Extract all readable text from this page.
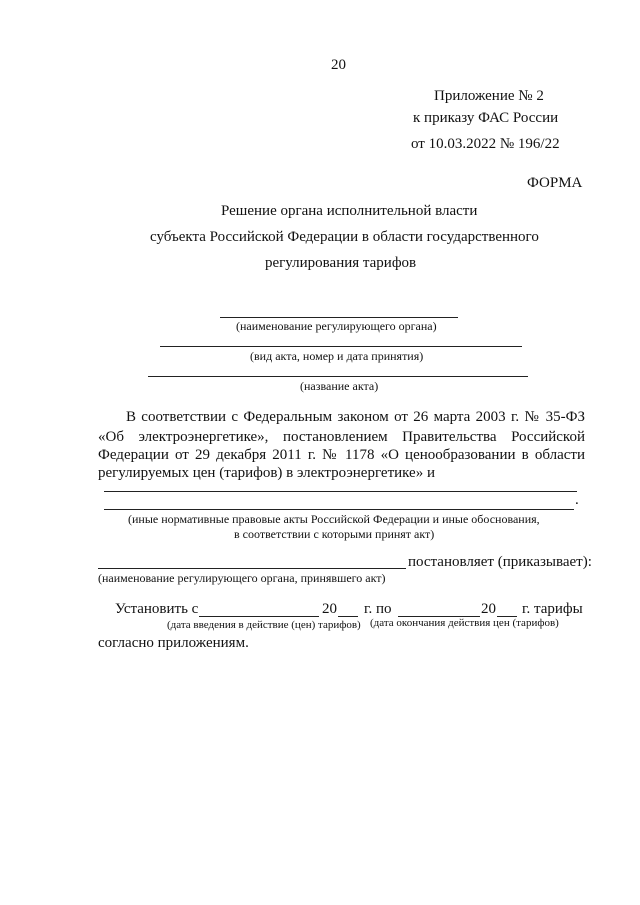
20
Приложение № 2
к приказу ФАС России
от 10.03.2022 № 196/22
ФОРМА
Решение органа исполнительной власти
субъекта Российской Федерации в области государственного
регулирования тарифов
(наименование регулирующего органа)
(вид акта, номер и дата принятия)
(название акта)
В соответствии с Федеральным законом от 26 марта 2003 г. № 35-ФЗ
«Об электроэнергетике», постановлением Правительства Российской
Федерации от 29 декабря 2011 г. № 1178 «О ценообразовании в области
регулируемых цен (тарифов) в электроэнергетике» и
.
(иные нормативные правовые акты Российской Федерации и иные обоснования,
в соответствии с которыми принят акт)
постановляет (приказывает):
(наименование регулирующего органа, принявшего акт)
Установить с	20 г. по	20 г. тарифы
(дата введения в действие (цен) тарифов) (дата окончания действия цен (тарифов)
согласно приложениям.
